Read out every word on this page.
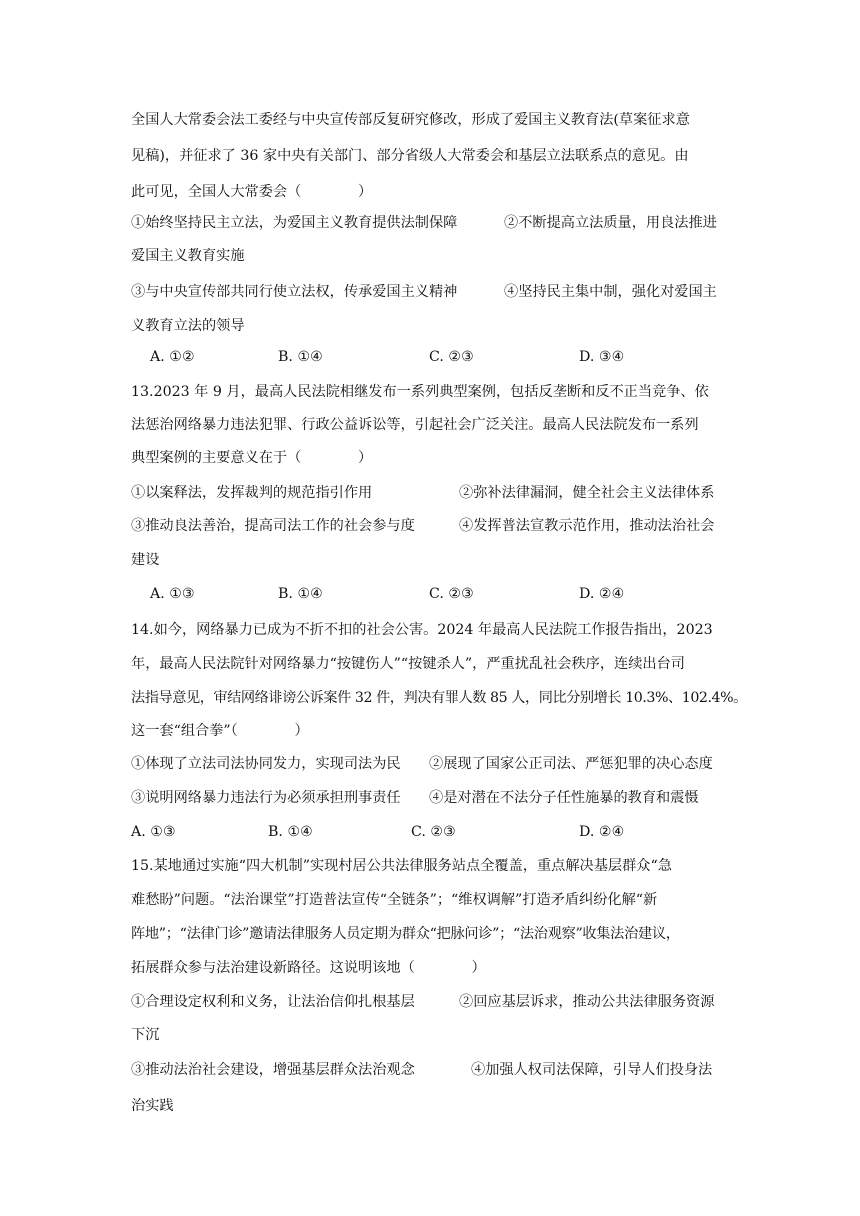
全国人大常委会法工委经与中央宣传部反复研究修改，形成了爱国主义教育法(草案征求意
见稿)，并征求了 36 家中央有关部门、部分省级人大常委会和基层立法联系点的意见。由
此可见，全国人大常委会（　　　　）
①始终坚持民主立法，为爱国主义教育提供法制保障	②不断提高立法质量，用良法推进
爱国主义教育实施
③与中央宣传部共同行使立法权，传承爱国主义精神	④坚持民主集中制，强化对爱国主
义教育立法的领导
A. ①②	B. ①④	C. ②③	D. ③④
13.2023 年 9 月，最高人民法院相继发布一系列典型案例，包括反垄断和反不正当竞争、依
法惩治网络暴力违法犯罪、行政公益诉讼等，引起社会广泛关注。最高人民法院发布一系列
典型案例的主要意义在于（　　　　）
①以案释法，发挥裁判的规范指引作用	②弥补法律漏洞，健全社会主义法律体系
③推动良法善治，提高司法工作的社会参与度	④发挥普法宣教示范作用，推动法治社会
建设
A. ①③	B. ①④	C. ②③	D. ②④
14.如今，网络暴力已成为不折不扣的社会公害。2024 年最高人民法院工作报告指出，2023
年，最高人民法院针对网络暴力“按键伤人”“按键杀人”，严重扰乱社会秩序，连续出台司
法指导意见，审结网络诽谤公诉案件 32 件，判决有罪人数 85 人，同比分别增长 10.3%、102.4%。
这一套“组合拳”（　　　　）
①体现了立法司法协同发力，实现司法为民 ②展现了国家公正司法、严惩犯罪的决心态度
③说明网络暴力违法行为必须承担刑事责任 ④是对潜在不法分子任性施暴的教育和震慑
A. ①③	B. ①④	C. ②③	D. ②④
15.某地通过实施“四大机制”实现村居公共法律服务站点全覆盖，重点解决基层群众“急
难愁盼”问题。“法治课堂”打造普法宣传“全链条”；“维权调解”打造矛盾纠纷化解“新
阵地”；“法律门诊”邀请法律服务人员定期为群众“把脉问诊”；“法治观察”收集法治建议，
拓展群众参与法治建设新路径。这说明该地（　　　　）
①合理设定权利和义务，让法治信仰扎根基层	②回应基层诉求，推动公共法律服务资源
下沉
③推动法治社会建设，增强基层群众法治观念	④加强人权司法保障，引导人们投身法
治实践
